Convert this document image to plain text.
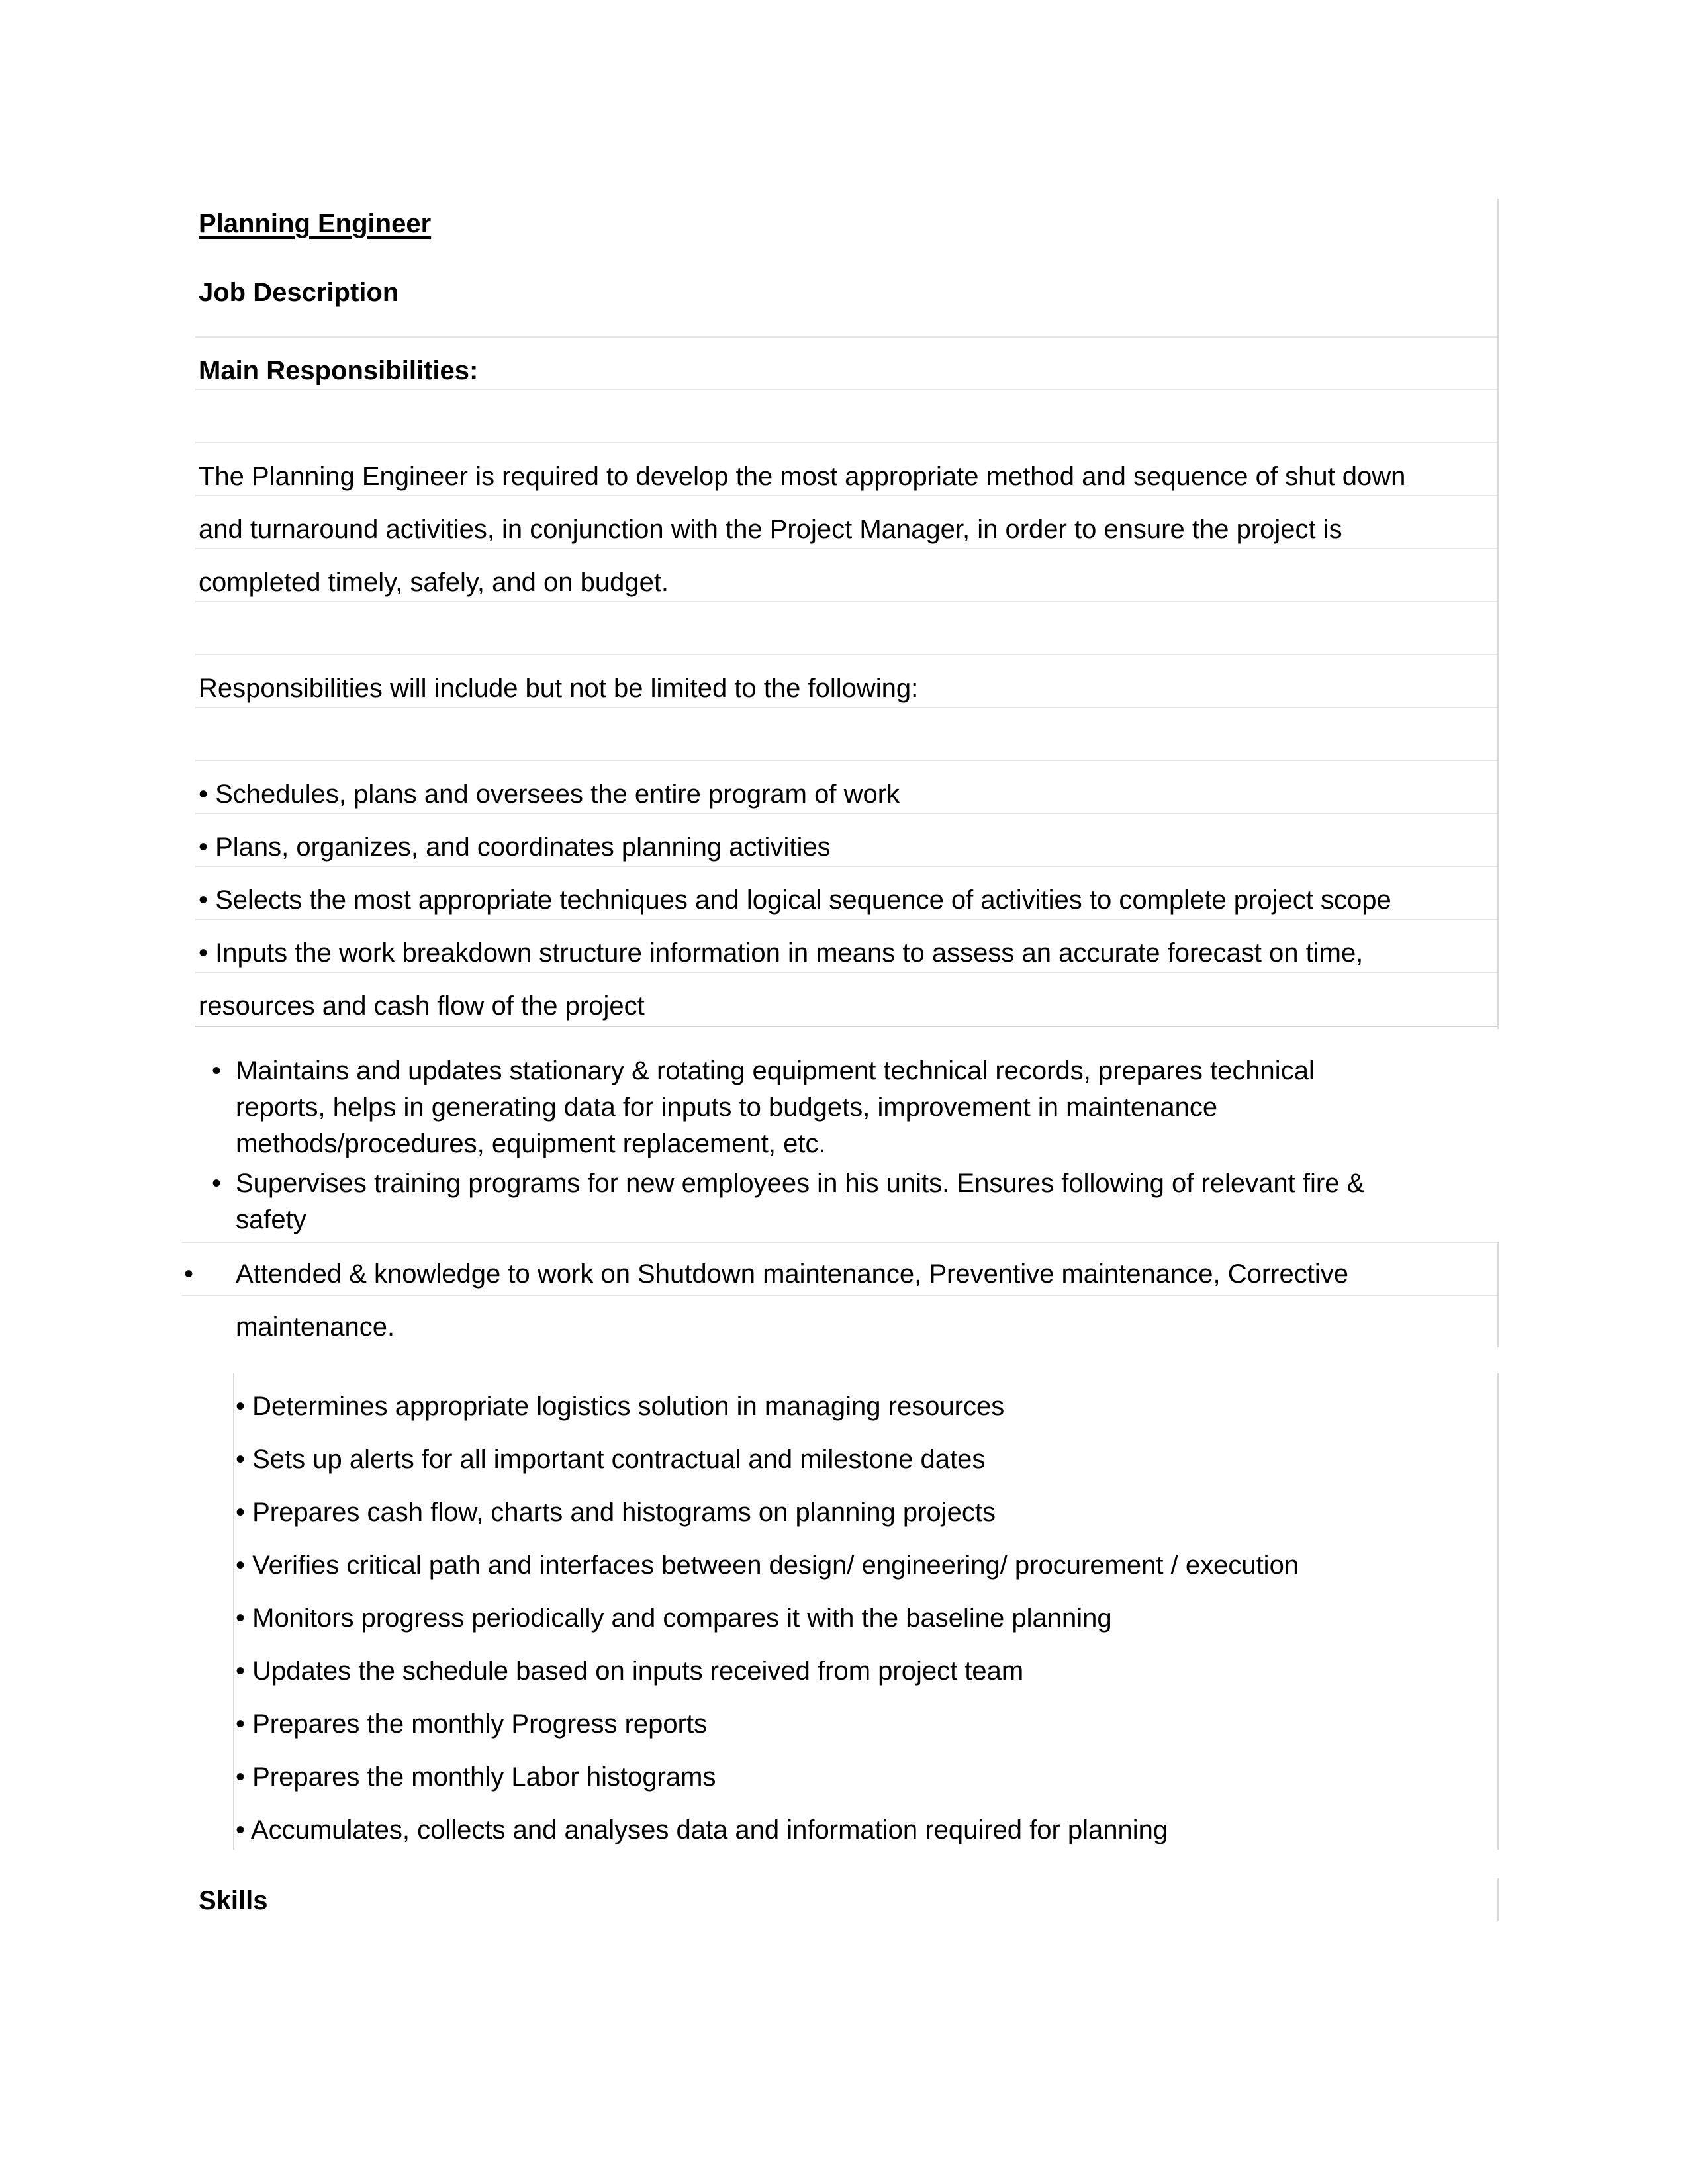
Planning Engineer
Job Description
Main Responsibilities:
The Planning Engineer is required to develop the most appropriate method and sequence of shut down
and turnaround activities, in conjunction with the Project Manager, in order to ensure the project is
completed timely, safely, and on budget.
Responsibilities will include but not be limited to the following:
• Schedules, plans and oversees the entire program of work
• Plans, organizes, and coordinates planning activities
• Selects the most appropriate techniques and logical sequence of activities to complete project scope
• Inputs the work breakdown structure information in means to assess an accurate forecast on time,
resources and cash flow of the project
• Maintains and updates stationary & rotating equipment technical records, prepares technical
reports, helps in generating data for inputs to budgets, improvement in maintenance
methods/procedures, equipment replacement, etc.
• Supervises training programs for new employees in his units. Ensures following of relevant fire &
safety
• Attended & knowledge to work on Shutdown maintenance, Preventive maintenance, Corrective
maintenance.
• Determines appropriate logistics solution in managing resources
• Sets up alerts for all important contractual and milestone dates
• Prepares cash flow, charts and histograms on planning projects
• Verifies critical path and interfaces between design/ engineering/ procurement / execution
• Monitors progress periodically and compares it with the baseline planning
• Updates the schedule based on inputs received from project team
• Prepares the monthly Progress reports
• Prepares the monthly Labor histograms
• Accumulates, collects and analyses data and information required for planning
Skills
